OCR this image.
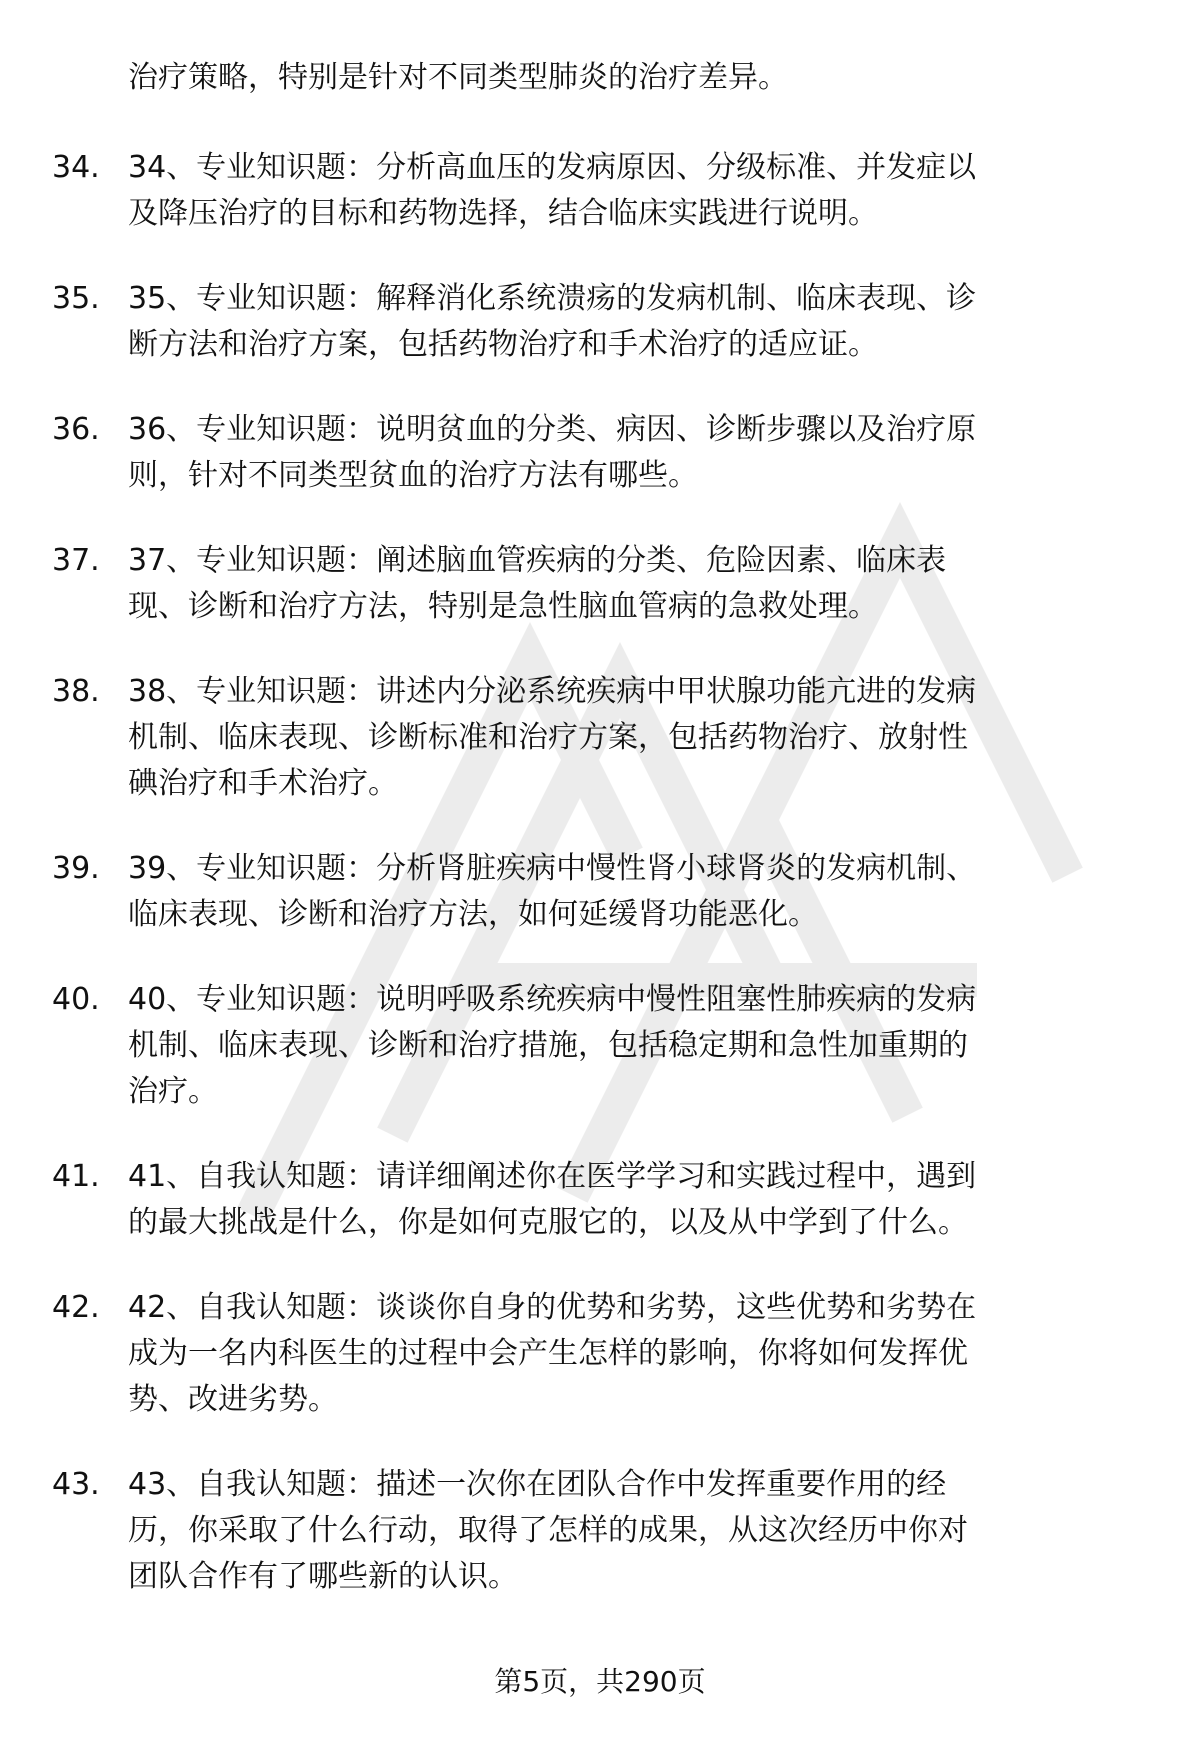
治疗策略，特别是针对不同类型肺炎的治疗差异。
34. 34、专业知识题：分析高血压的发病原因、分级标准、并发症以
及降压治疗的目标和药物选择，结合临床实践进行说明。
35. 35、专业知识题：解释消化系统溃疡的发病机制、临床表现、诊
断方法和治疗方案，包括药物治疗和手术治疗的适应证。
36. 36、专业知识题：说明贫血的分类、病因、诊断步骤以及治疗原
则，针对不同类型贫血的治疗方法有哪些。
37. 37、专业知识题：阐述脑血管疾病的分类、危险因素、临床表
现、诊断和治疗方法，特别是急性脑血管病的急救处理。
38. 38、专业知识题：讲述内分泌系统疾病中甲状腺功能亢进的发病
机制、临床表现、诊断标准和治疗方案，包括药物治疗、放射性
碘治疗和手术治疗。
39. 39、专业知识题：分析肾脏疾病中慢性肾小球肾炎的发病机制、
临床表现、诊断和治疗方法，如何延缓肾功能恶化。
40. 40、专业知识题：说明呼吸系统疾病中慢性阻塞性肺疾病的发病
机制、临床表现、诊断和治疗措施，包括稳定期和急性加重期的
治疗。
41. 41、自我认知题：请详细阐述你在医学学习和实践过程中，遇到
的最大挑战是什么，你是如何克服它的，以及从中学到了什么。
42. 42、自我认知题：谈谈你自身的优势和劣势，这些优势和劣势在
成为一名内科医生的过程中会产生怎样的影响，你将如何发挥优
势、改进劣势。
43. 43、自我认知题：描述一次你在团队合作中发挥重要作用的经
历，你采取了什么行动，取得了怎样的成果，从这次经历中你对
团队合作有了哪些新的认识。
第5页，共290页
